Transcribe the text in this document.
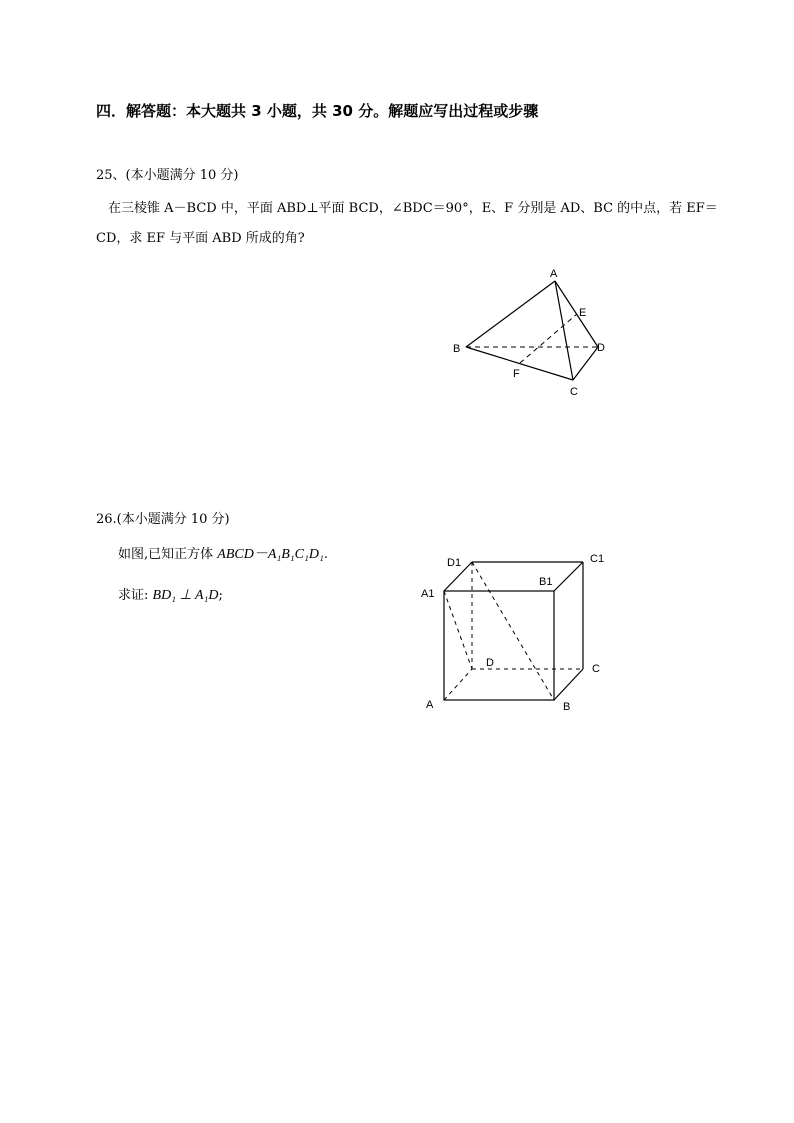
四．解答题：本大题共 3 小题，共 30 分。解题应写出过程或步骤
25、(本小题满分 10 分)
在三棱锥 A－BCD 中，平面 ABD⊥平面 BCD，∠BDC＝90°，E、F 分别是 AD、BC 的中点，若 EF＝
CD，求 EF 与平面 ABD 所成的角?
A
B
C
D
E
F
26.(本小题满分 10 分)
如图,已知正方体 ABCD－A₁B₁C₁D₁.
求证: BD₁ ⊥ A₁D;
D1	C1
A1
B1
D	C
A	B
